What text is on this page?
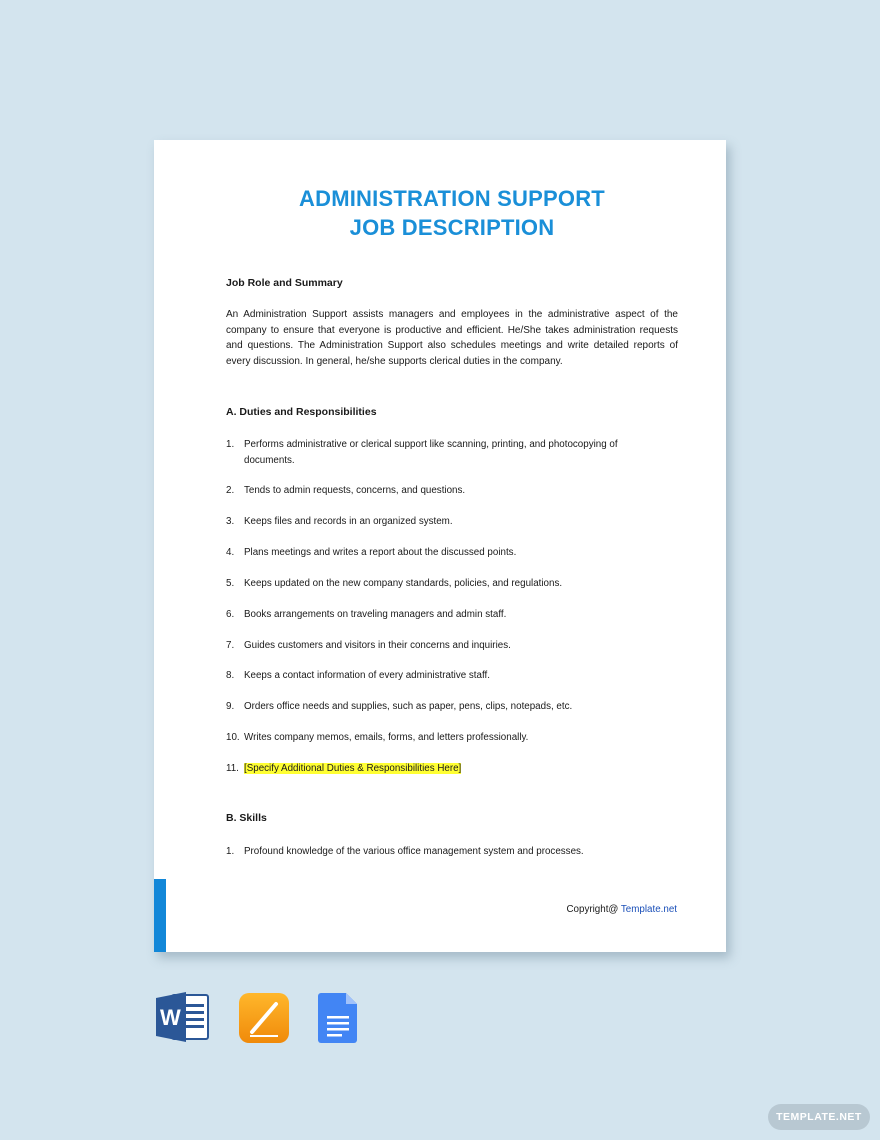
ADMINISTRATION SUPPORT
JOB DESCRIPTION
Job Role and Summary
An Administration Support assists managers and employees in the administrative aspect of the company to ensure that everyone is productive and efficient. He/She takes administration requests and questions. The Administration Support also schedules meetings and write detailed reports of every discussion. In general, he/she supports clerical duties in the company.
A. Duties and Responsibilities
1. Performs administrative or clerical support like scanning, printing, and photocopying of documents.
2. Tends to admin requests, concerns, and questions.
3. Keeps files and records in an organized system.
4. Plans meetings and writes a report about the discussed points.
5. Keeps updated on the new company standards, policies, and regulations.
6. Books arrangements on traveling managers and admin staff.
7. Guides customers and visitors in their concerns and inquiries.
8. Keeps a contact information of every administrative staff.
9. Orders office needs and supplies, such as paper, pens, clips, notepads, etc.
10. Writes company memos, emails, forms, and letters professionally.
11. [Specify Additional Duties & Responsibilities Here]
B. Skills
1. Profound knowledge of the various office management system and processes.
Copyright@ Template.net
W
TEMPLATE.NET
